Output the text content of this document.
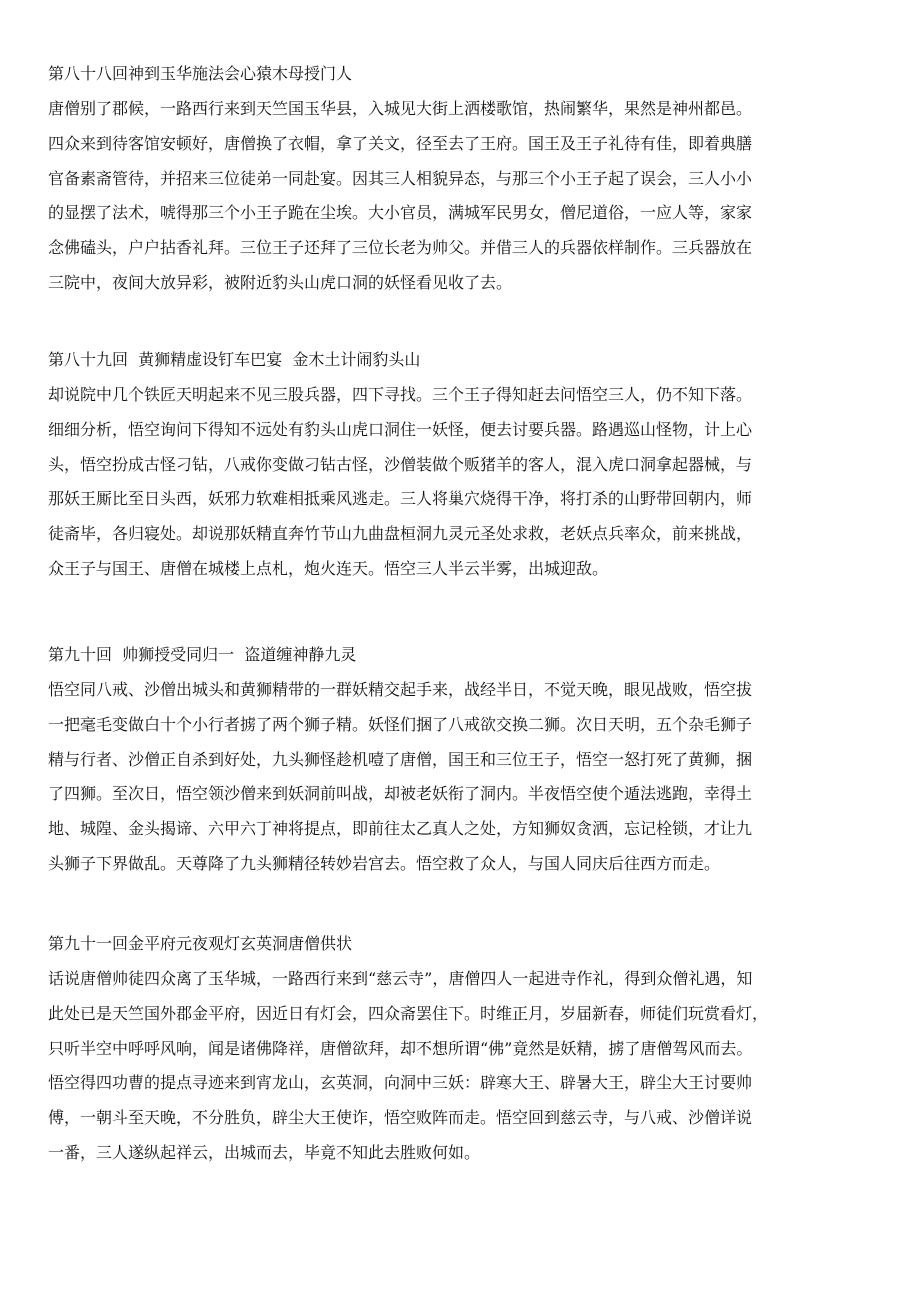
第八十八回神到玉华施法会心猿木母授门人
唐僧别了郡候，一路西行来到天竺国玉华县，入城见大街上洒楼歌馆，热闹繁华，果然是神州都邑。
四众来到待客馆安顿好，唐僧换了衣帽，拿了关文，径至去了王府。国王及王子礼待有佳，即着典膳
官备素斋管待，并招来三位徒弟一同赴宴。因其三人相貌异态，与那三个小王子起了误会，三人小小
的显摆了法术，唬得那三个小王子跪在尘埃。大小官员，满城军民男女，僧尼道俗，一应人等，家家
念佛磕头，户户拈香礼拜。三位王子还拜了三位长老为帅父。并借三人的兵器依样制作。三兵器放在
三院中，夜间大放异彩，被附近豹头山虎口洞的妖怪看见收了去。
第八十九回  黄狮精虚设钉车巴宴  金木土计闹豹头山
却说院中几个铁匠天明起来不见三股兵器，四下寻找。三个王子得知赶去问悟空三人，仍不知下落。
细细分析，悟空询问下得知不远处有豹头山虎口洞住一妖怪，便去讨要兵器。路遇巡山怪物，计上心
头，悟空扮成古怪刁钻，八戒你变做刁钻古怪，沙僧装做个贩猪羊的客人，混入虎口洞拿起器械，与
那妖王厮比至日头西，妖邪力软难相抵乘风逃走。三人将巢穴烧得干净，将打杀的山野带回朝内，师
徒斋毕，各归寝处。却说那妖精直奔竹节山九曲盘桓洞九灵元圣处求救，老妖点兵率众，前来挑战，
众王子与国王、唐僧在城楼上点札，炮火连天。悟空三人半云半雾，出城迎敌。
第九十回  帅狮授受同归一  盗道缠神静九灵
悟空同八戒、沙僧出城头和黄狮精带的一群妖精交起手来，战经半日，不觉天晚，眼见战败，悟空拔
一把毫毛变做白十个小行者掳了两个狮子精。妖怪们捆了八戒欲交换二狮。次日天明，五个杂毛狮子
精与行者、沙僧正自杀到好处，九头狮怪趁机噎了唐僧，国王和三位王子，悟空一怒打死了黄狮，捆
了四狮。至次日，悟空领沙僧来到妖洞前叫战，却被老妖衔了洞内。半夜悟空使个遁法逃跑，幸得土
地、城隍、金头揭谛、六甲六丁神将提点，即前往太乙真人之处，方知狮奴贪洒，忘记栓锁，才让九
头狮子下界做乱。天尊降了九头狮精径转妙岩宫去。悟空救了众人，与国人同庆后往西方而走。
第九十一回金平府元夜观灯玄英洞唐僧供状
话说唐僧帅徒四众离了玉华城，一路西行来到“慈云寺”，唐僧四人一起进寺作礼，得到众僧礼遇，知
此处已是天竺国外郡金平府，因近日有灯会，四众斋罢住下。时维正月，岁届新春，师徒们玩赏看灯，
只听半空中呼呼风响，闻是诸佛降祥，唐僧欲拜，却不想所谓“佛”竟然是妖精，掳了唐僧驾风而去。
悟空得四功曹的提点寻迹来到宵龙山，玄英洞，向洞中三妖：辟寒大王、辟暑大王，辟尘大王讨要帅
傅，一朝斗至天晚，不分胜负，辟尘大王使诈，悟空败阵而走。悟空回到慈云寺，与八戒、沙僧详说
一番，三人遂纵起祥云，出城而去，毕竟不知此去胜败何如。
